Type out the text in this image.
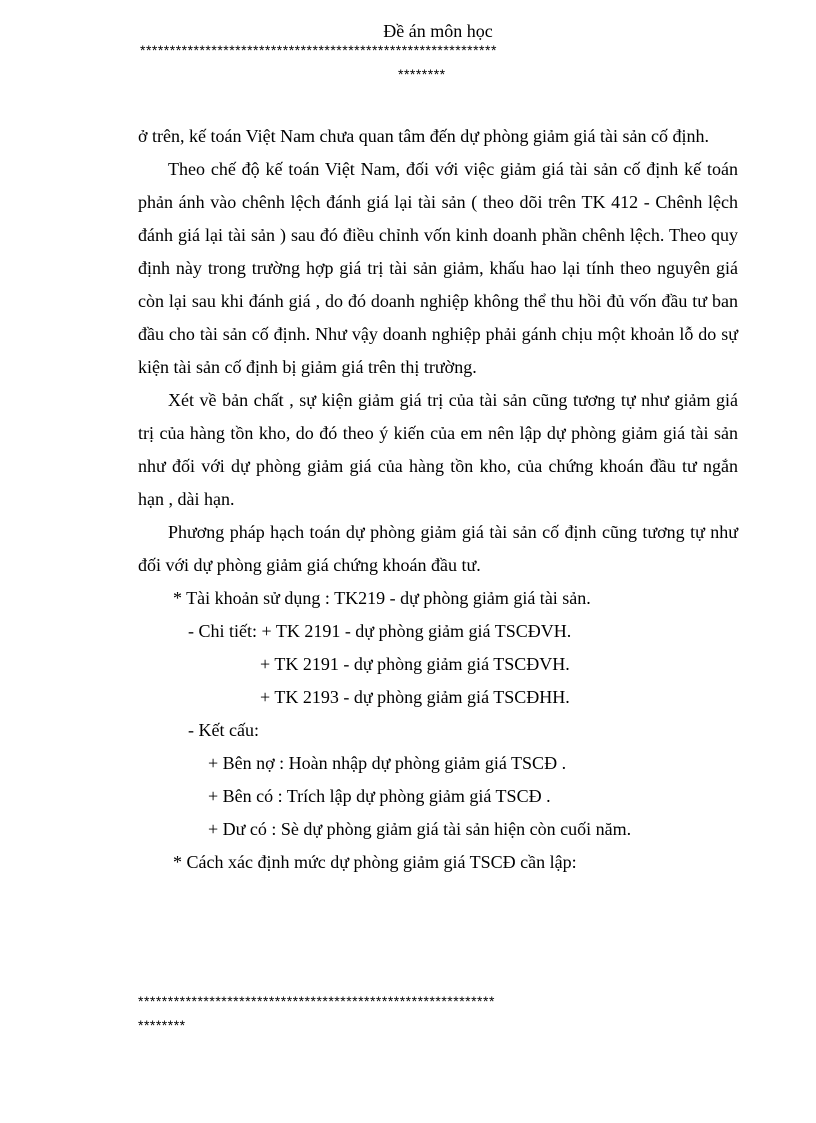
Đề án môn học
************************************************************
********

ở trên, kế toán Việt Nam chưa quan tâm đến dự phòng giảm giá tài sản cố định.

Theo chế độ kế toán Việt Nam, đối với việc giảm giá tài sản cố định kế toán phản ánh vào chênh lệch đánh giá lại tài sản ( theo dõi trên TK 412 - Chênh lệch đánh giá lại tài sản ) sau đó điều chỉnh vốn kinh doanh phần chênh lệch. Theo quy định này trong trường hợp giá trị tài sản giảm, khấu hao lại tính theo nguyên giá còn lại sau khi đánh giá , do đó doanh nghiệp không thể thu hồi đủ vốn đầu tư ban đầu cho tài sản cố định. Như vậy doanh nghiệp phải gánh chịu một khoản lỗ do sự kiện tài sản cố định bị giảm giá trên thị trường.

Xét về bản chất , sự kiện giảm giá trị của tài sản cũng tương tự như giảm giá trị của hàng tồn kho, do đó theo ý kiến của em nên lập dự phòng giảm giá tài sản như đối với dự phòng giảm giá của hàng tồn kho, của chứng khoán đầu tư ngắn hạn , dài hạn.

Phương pháp hạch toán dự phòng giảm giá tài sản cố định cũng tương tự như đối với dự phòng giảm giá chứng khoán đầu tư.

* Tài khoản sử dụng : TK219 - dự phòng giảm giá tài sản.

- Chi tiết: + TK 2191 - dự phòng giảm giá TSCĐVH.

+ TK 2191 - dự phòng giảm giá TSCĐVH.

+ TK 2193 - dự phòng giảm giá TSCĐHH.

- Kết cấu:

+ Bên nợ : Hoàn nhập dự phòng giảm giá TSCĐ .

+ Bên có : Trích lập dự phòng giảm giá TSCĐ .

+ Dư có : Sè dự phòng giảm giá tài sản hiện còn cuối năm.

* Cách xác định mức dự phòng giảm giá TSCĐ cần lập:

************************************************************
********
